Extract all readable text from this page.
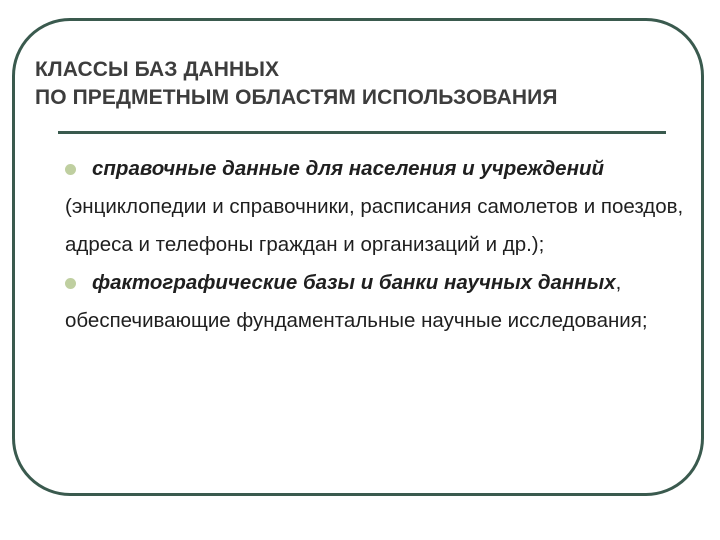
КЛАССЫ БАЗ ДАННЫХ
ПО ПРЕДМЕТНЫМ ОБЛАСТЯМ ИСПОЛЬЗОВАНИЯ

справочные данные для населения и учреждений (энциклопедии и справочники, расписания самолетов и поездов, адреса и телефоны граждан и организаций и др.);

фактографические базы и банки научных данных, обеспечивающие фундаментальные научные исследования;
